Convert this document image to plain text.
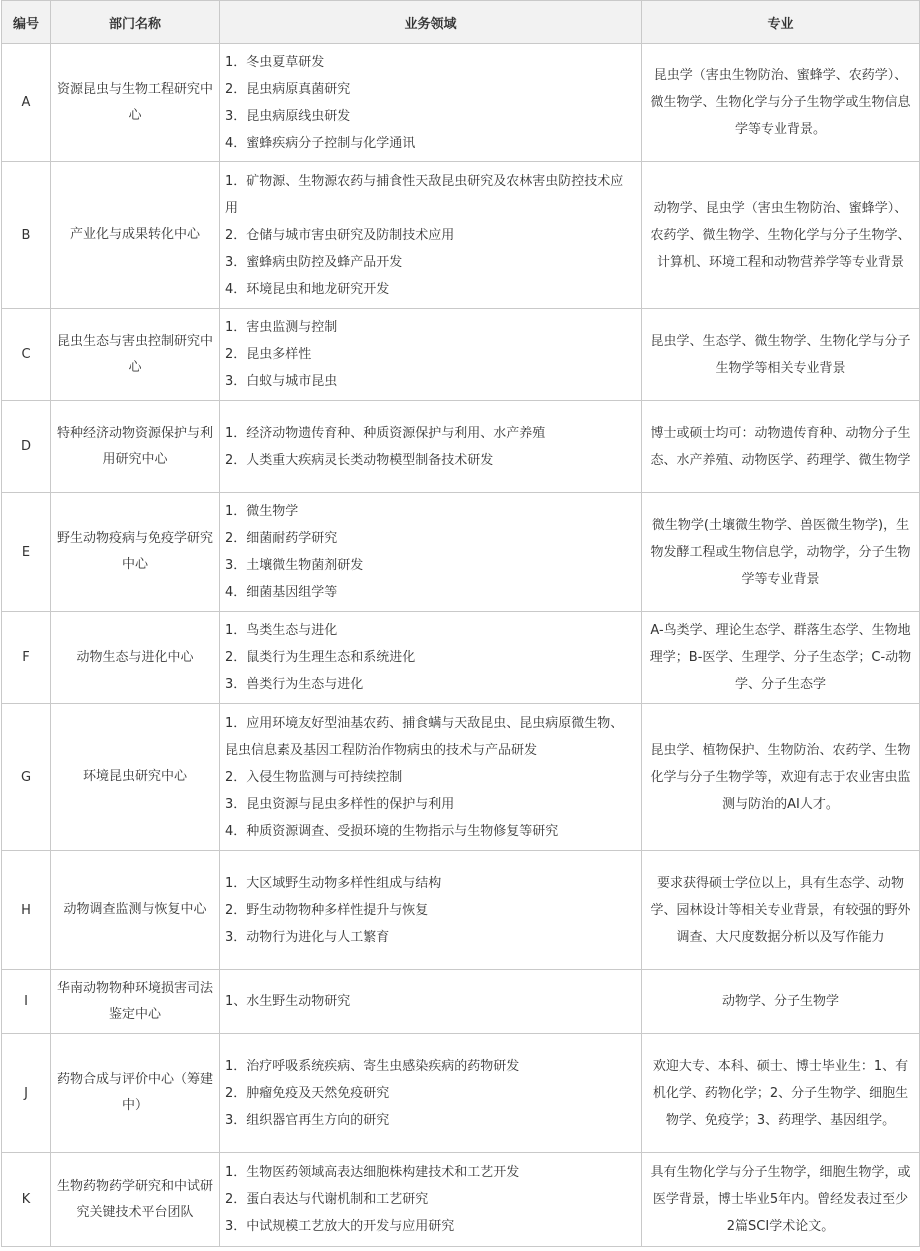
编号	部门名称	业务领域	专业
A	资源昆虫与生物工程研究中心	1．冬虫夏草研发
2．昆虫病原真菌研究
3．昆虫病原线虫研发
4．蜜蜂疾病分子控制与化学通讯	昆虫学（害虫生物防治、蜜蜂学、农药学）、微生物学、生物化学与分子生物学或生物信息学等专业背景。
B	产业化与成果转化中心	1．矿物源、生物源农药与捕食性天敌昆虫研究及农林害虫防控技术应用
2．仓储与城市害虫研究及防制技术应用
3．蜜蜂病虫防控及蜂产品开发
4．环境昆虫和地龙研究开发	动物学、昆虫学（害虫生物防治、蜜蜂学）、农药学、微生物学、生物化学与分子生物学、计算机、环境工程和动物营养学等专业背景
C	昆虫生态与害虫控制研究中心	1．害虫监测与控制
2．昆虫多样性
3．白蚁与城市昆虫	昆虫学、生态学、微生物学、生物化学与分子生物学等相关专业背景
D	特种经济动物资源保护与利用研究中心	1．经济动物遗传育种、种质资源保护与利用、水产养殖
2．人类重大疾病灵长类动物模型制备技术研发	博士或硕士均可：动物遗传育种、动物分子生态、水产养殖、动物医学、药理学、微生物学
E	野生动物疫病与免疫学研究中心	1．微生物学
2．细菌耐药学研究
3．土壤微生物菌剂研发
4．细菌基因组学等	微生物学(土壤微生物学、兽医微生物学)，生物发酵工程或生物信息学，动物学，分子生物学等专业背景
F	动物生态与进化中心	1．鸟类生态与进化
2．鼠类行为生理生态和系统进化
3．兽类行为生态与进化	A-鸟类学、理论生态学、群落生态学、生物地理学；B-医学、生理学、分子生态学；C-动物学、分子生态学
G	环境昆虫研究中心	1．应用环境友好型油基农药、捕食螨与天敌昆虫、昆虫病原微生物、昆虫信息素及基因工程防治作物病虫的技术与产品研发
2．入侵生物监测与可持续控制
3．昆虫资源与昆虫多样性的保护与利用
4．种质资源调查、受损环境的生物指示与生物修复等研究	昆虫学、植物保护、生物防治、农药学、生物化学与分子生物学等，欢迎有志于农业害虫监测与防治的AI人才。
H	动物调查监测与恢复中心	1．大区域野生动物多样性组成与结构
2．野生动物物种多样性提升与恢复
3．动物行为进化与人工繁育	要求获得硕士学位以上，具有生态学、动物学、园林设计等相关专业背景，有较强的野外调查、大尺度数据分析以及写作能力
I	华南动物物种环境损害司法鉴定中心	1、水生野生动物研究	动物学、分子生物学
J	药物合成与评价中心（筹建中）	1．治疗呼吸系统疾病、寄生虫感染疾病的药物研发
2．肿瘤免疫及天然免疫研究
3．组织器官再生方向的研究	欢迎大专、本科、硕士、博士毕业生：1、有机化学、药物化学；2、分子生物学、细胞生物学、免疫学；3、药理学、基因组学。
K	生物药物药学研究和中试研究关键技术平台团队	1．生物医药领域高表达细胞株构建技术和工艺开发
2．蛋白表达与代谢机制和工艺研究
3．中试规模工艺放大的开发与应用研究	具有生物化学与分子生物学，细胞生物学，或医学背景，博士毕业5年内。曾经发表过至少2篇SCI学术论文。
